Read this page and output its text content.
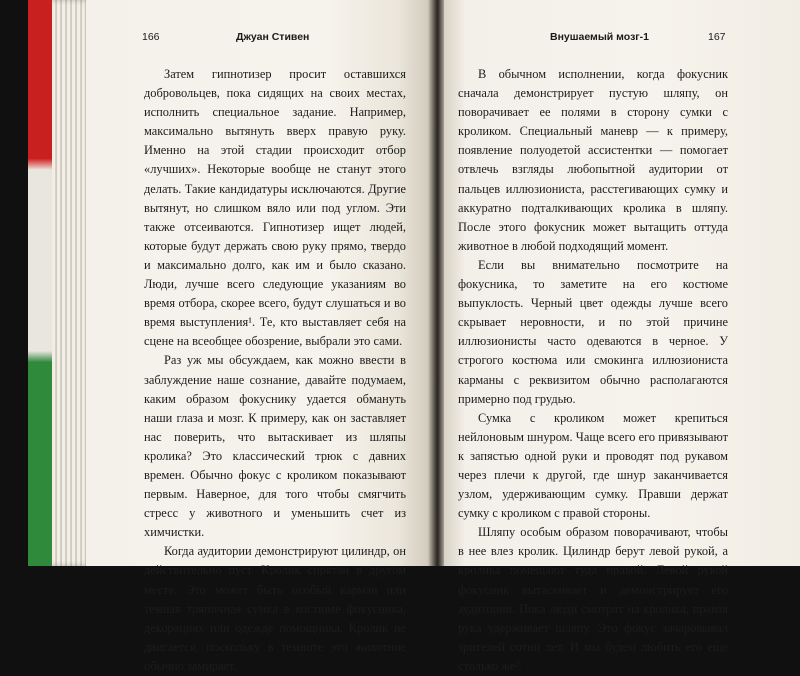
166	Джуан Стивен

Затем гипнотизер просит оставшихся добровольцев, пока сидящих на своих местах, исполнить специальное задание. Например, максимально вытянуть вверх правую руку. Именно на этой стадии происходит отбор «лучших». Некоторые вообще не станут этого делать. Такие кандидатуры исключаются. Другие вытянут, но слишком вяло или под углом. Эти также отсеиваются. Гипнотизер ищет людей, которые будут держать свою руку прямо, твердо и максимально долго, как им и было сказано. Люди, лучше всего следующие указаниям во время отбора, скорее всего, будут слушаться и во время выступления¹. Те, кто выставляет себя на сцене на всеобщее обозрение, выбрали это сами.

Раз уж мы обсуждаем, как можно ввести в заблуждение наше сознание, давайте подумаем, каким образом фокуснику удается обмануть наши глаза и мозг. К примеру, как он заставляет нас поверить, что вытаскивает из шляпы кролика? Это классический трюк с давних времен. Обычно фокус с кроликом показывают первым. Наверное, для того чтобы смягчить стресс у животного и уменьшить счет из химчистки.

Когда аудитории демонстрируют цилиндр, он действительно пуст. Кролик спрятан в другом месте. Это может быть особый карман или темная тряпичная сумка в костюме фокусника, декорациях или одежде помощника. Кролик не двигается, поскольку в темноте это животное обычно замирает.

Внушаемый мозг-1	167

В обычном исполнении, когда фокусник сначала демонстрирует пустую шляпу, он поворачивает ее полями в сторону сумки с кроликом. Специальный маневр — к примеру, появление полуодетой ассистентки — помогает отвлечь взгляды любопытной аудитории от пальцев иллюзиониста, расстегивающих сумку и аккуратно подталкивающих кролика в шляпу. После этого фокусник может вытащить оттуда животное в любой подходящий момент.

Если вы внимательно посмотрите на фокусника, то заметите на его костюме выпуклость. Черный цвет одежды лучше всего скрывает неровности, и по этой причине иллюзионисты часто одеваются в черное. У строгого костюма или смокинга иллюзиониста карманы с реквизитом обычно располагаются примерно под грудью.

Сумка с кроликом может крепиться нейлоновым шнуром. Чаще всего его привязывают к запястью одной руки и проводят под рукавом через плечи к другой, где шнур заканчивается узлом, удерживающим сумку. Правши держат сумку с кроликом с правой стороны.

Шляпу особым образом поворачивают, чтобы в нее влез кролик. Цилиндр берут левой рукой, а кролика помещают туда правой. Левой рукой фокусник вытаскивает и демонстрирует его аудитории. Пока люди смотрят на кролика, правая рука удерживает шляпу. Это фокус зачаровывал зрителей сотни лет. И мы будем любить его еще столько же².
